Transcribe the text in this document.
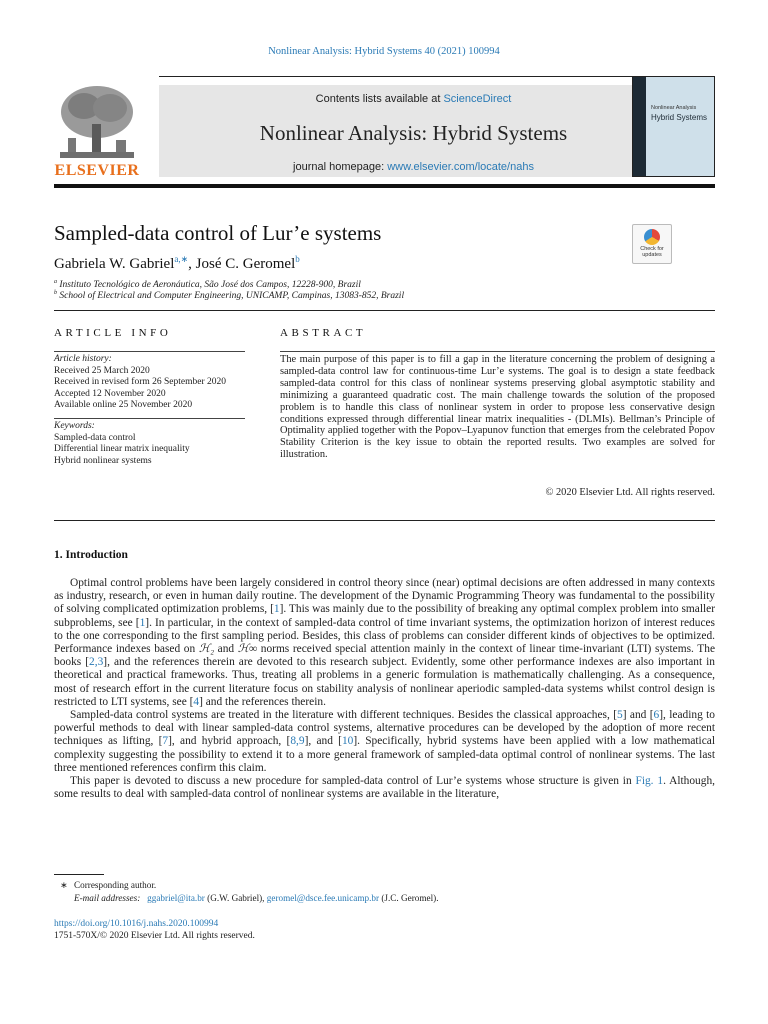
Nonlinear Analysis: Hybrid Systems 40 (2021) 100994
ELSEVIER
Contents lists available at ScienceDirect
Nonlinear Analysis: Hybrid Systems
journal homepage: www.elsevier.com/locate/nahs
Nonlinear Analysis
Hybrid Systems
Sampled-data control of Lur’e systems
Check for
updates
Gabriela W. Gabriel$^{a,∗}$, José C. Geromel$^b$
$^a$ Instituto Tecnológico de Aeronáutica, São José dos Campos, 12228-900, Brazil
$^b$ School of Electrical and Computer Engineering, UNICAMP, Campinas, 13083-852, Brazil
ARTICLE INFO	ABSTRACT
Article history:
Received 25 March 2020
Received in revised form 26 September 2020
Accepted 12 November 2020
Available online 25 November 2020
Keywords:
Sampled-data control
Differential linear matrix inequality
Hybrid nonlinear systems
The main purpose of this paper is to fill a gap in the literature concerning the problem of designing a sampled-data control law for continuous-time Lur’e systems. The goal is to design a state feedback sampled-data control for this class of nonlinear systems preserving global asymptotic stability and minimizing a guaranteed quadratic cost. The main challenge towards the solution of the proposed problem is to handle this class of nonlinear system in order to propose less conservative design conditions expressed through differential linear matrix inequalities - (DLMIs). Bellman’s Principle of Optimality applied together with the Popov–Lyapunov function that emerges from the celebrated Popov Stability Criterion is the key issue to obtain the reported results. Two examples are solved for illustration.
© 2020 Elsevier Ltd. All rights reserved.
1. Introduction

Optimal control problems have been largely considered in control theory since (near) optimal decisions are often addressed in many contexts as industry, research, or even in human daily routine. The development of the Dynamic Programming Theory was fundamental to the possibility of solving complicated optimization problems, [1]. This was mainly due to the possibility of breaking any optimal complex problem into smaller subproblems, see [1]. In particular, in the context of sampled-data control of time invariant systems, the optimization horizon of interest reduces to the one corresponding to the first sampling period. Besides, this class of problems can consider different kinds of objectives to be optimized. Performance indexes based on ℋ₂ and ℋ∞ norms received special attention mainly in the context of linear time-invariant (LTI) systems. The books [2,3], and the references therein are devoted to this research subject. Evidently, some other performance indexes are also important in theoretical and practical frameworks. Thus, treating all problems in a generic formulation is mathematically challenging. As a consequence, most of research effort in the current literature focus on stability analysis of nonlinear aperiodic sampled-data systems whilst control design is restricted to LTI systems, see [4] and the references therein.

Sampled-data control systems are treated in the literature with different techniques. Besides the classical approaches, [5] and [6], leading to powerful methods to deal with linear sampled-data control systems, alternative procedures can be developed by the adoption of more recent techniques as lifting, [7], and hybrid approach, [8,9], and [10]. Specifically, hybrid systems have been applied with a low mathematical complexity suggesting the possibility to extend it to a more general framework of sampled-data optimal control of nonlinear systems. The last three mentioned references confirm this claim.

This paper is devoted to discuss a new procedure for sampled-data control of Lur’e systems whose structure is given in Fig. 1. Although, some results to deal with sampled-data control of nonlinear systems are available in the literature,

∗ Corresponding author.
E-mail addresses: ggabriel@ita.br (G.W. Gabriel), geromel@dsce.fee.unicamp.br (J.C. Geromel).
https://doi.org/10.1016/j.nahs.2020.100994
1751-570X/© 2020 Elsevier Ltd. All rights reserved.
